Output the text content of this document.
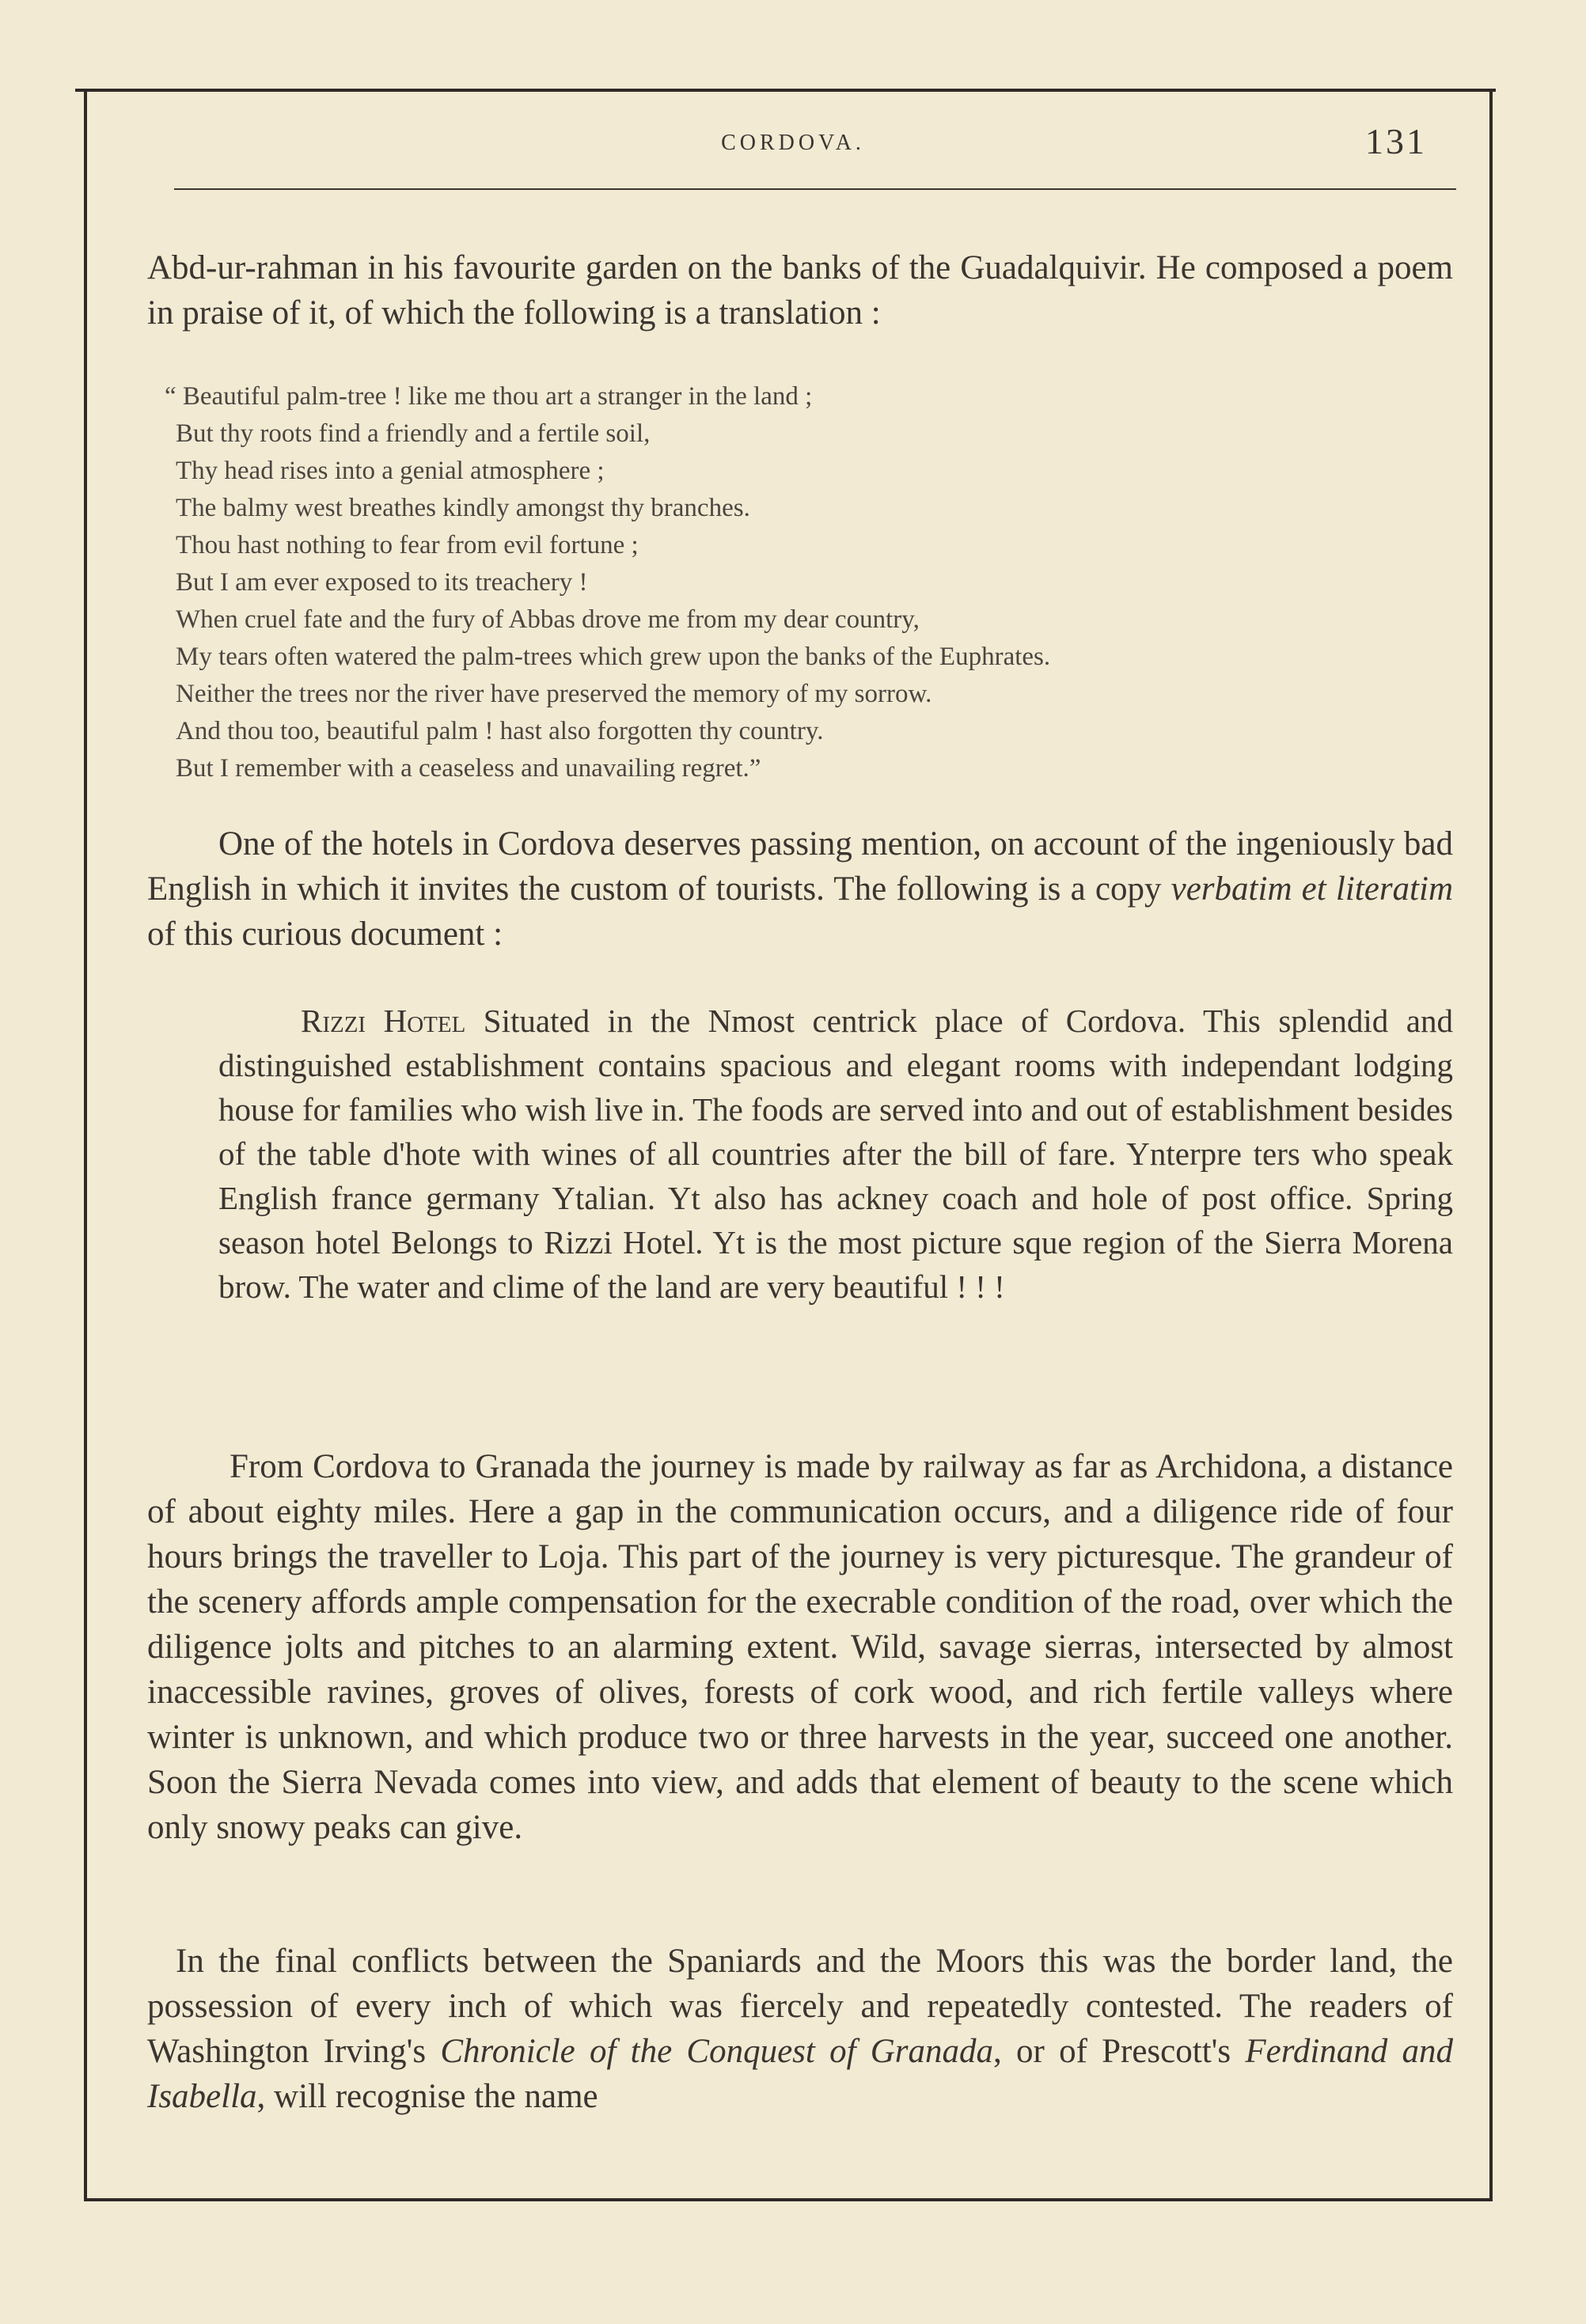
CORDOVA.	131

Abd-ur-rahman in his favourite garden on the banks of the Guadalquivir. He composed a poem in praise of it, of which the following is a translation :

“ Beautiful palm-tree ! like me thou art a stranger in the land ;
But thy roots find a friendly and a fertile soil,
Thy head rises into a genial atmosphere ;
The balmy west breathes kindly amongst thy branches.
Thou hast nothing to fear from evil fortune ;
But I am ever exposed to its treachery !
When cruel fate and the fury of Abbas drove me from my dear country,
My tears often watered the palm-trees which grew upon the banks of the Euphrates.
Neither the trees nor the river have preserved the memory of my sorrow.
And thou too, beautiful palm ! hast also forgotten thy country.
But I remember with a ceaseless and unavailing regret.”

One of the hotels in Cordova deserves passing mention, on account of the ingeniously bad English in which it invites the custom of tourists. The following is a copy verbatim et literatim of this curious document :

Rizzi Hotel Situated in the Nmost centrick place of Cordova. This splendid and distinguished establishment contains spacious and elegant rooms with independant lodging house for families who wish live in. The foods are served into and out of establishment besides of the table d'hote with wines of all countries after the bill of fare. Ynterpre ters who speak English france germany Ytalian. Yt also has ackney coach and hole of post office. Spring season hotel Belongs to Rizzi Hotel. Yt is the most picture sque region of the Sierra Morena brow. The water and clime of the land are very beautiful ! ! !

From Cordova to Granada the journey is made by railway as far as Archidona, a distance of about eighty miles. Here a gap in the communication occurs, and a diligence ride of four hours brings the traveller to Loja. This part of the journey is very picturesque. The grandeur of the scenery affords ample compensation for the execrable condition of the road, over which the diligence jolts and pitches to an alarming extent. Wild, savage sierras, intersected by almost inaccessible ravines, groves of olives, forests of cork wood, and rich fertile valleys where winter is unknown, and which produce two or three harvests in the year, succeed one another. Soon the Sierra Nevada comes into view, and adds that element of beauty to the scene which only snowy peaks can give.

In the final conflicts between the Spaniards and the Moors this was the border land, the possession of every inch of which was fiercely and repeatedly contested. The readers of Washington Irving's Chronicle of the Conquest of Granada, or of Prescott's Ferdinand and Isabella, will recognise the name
